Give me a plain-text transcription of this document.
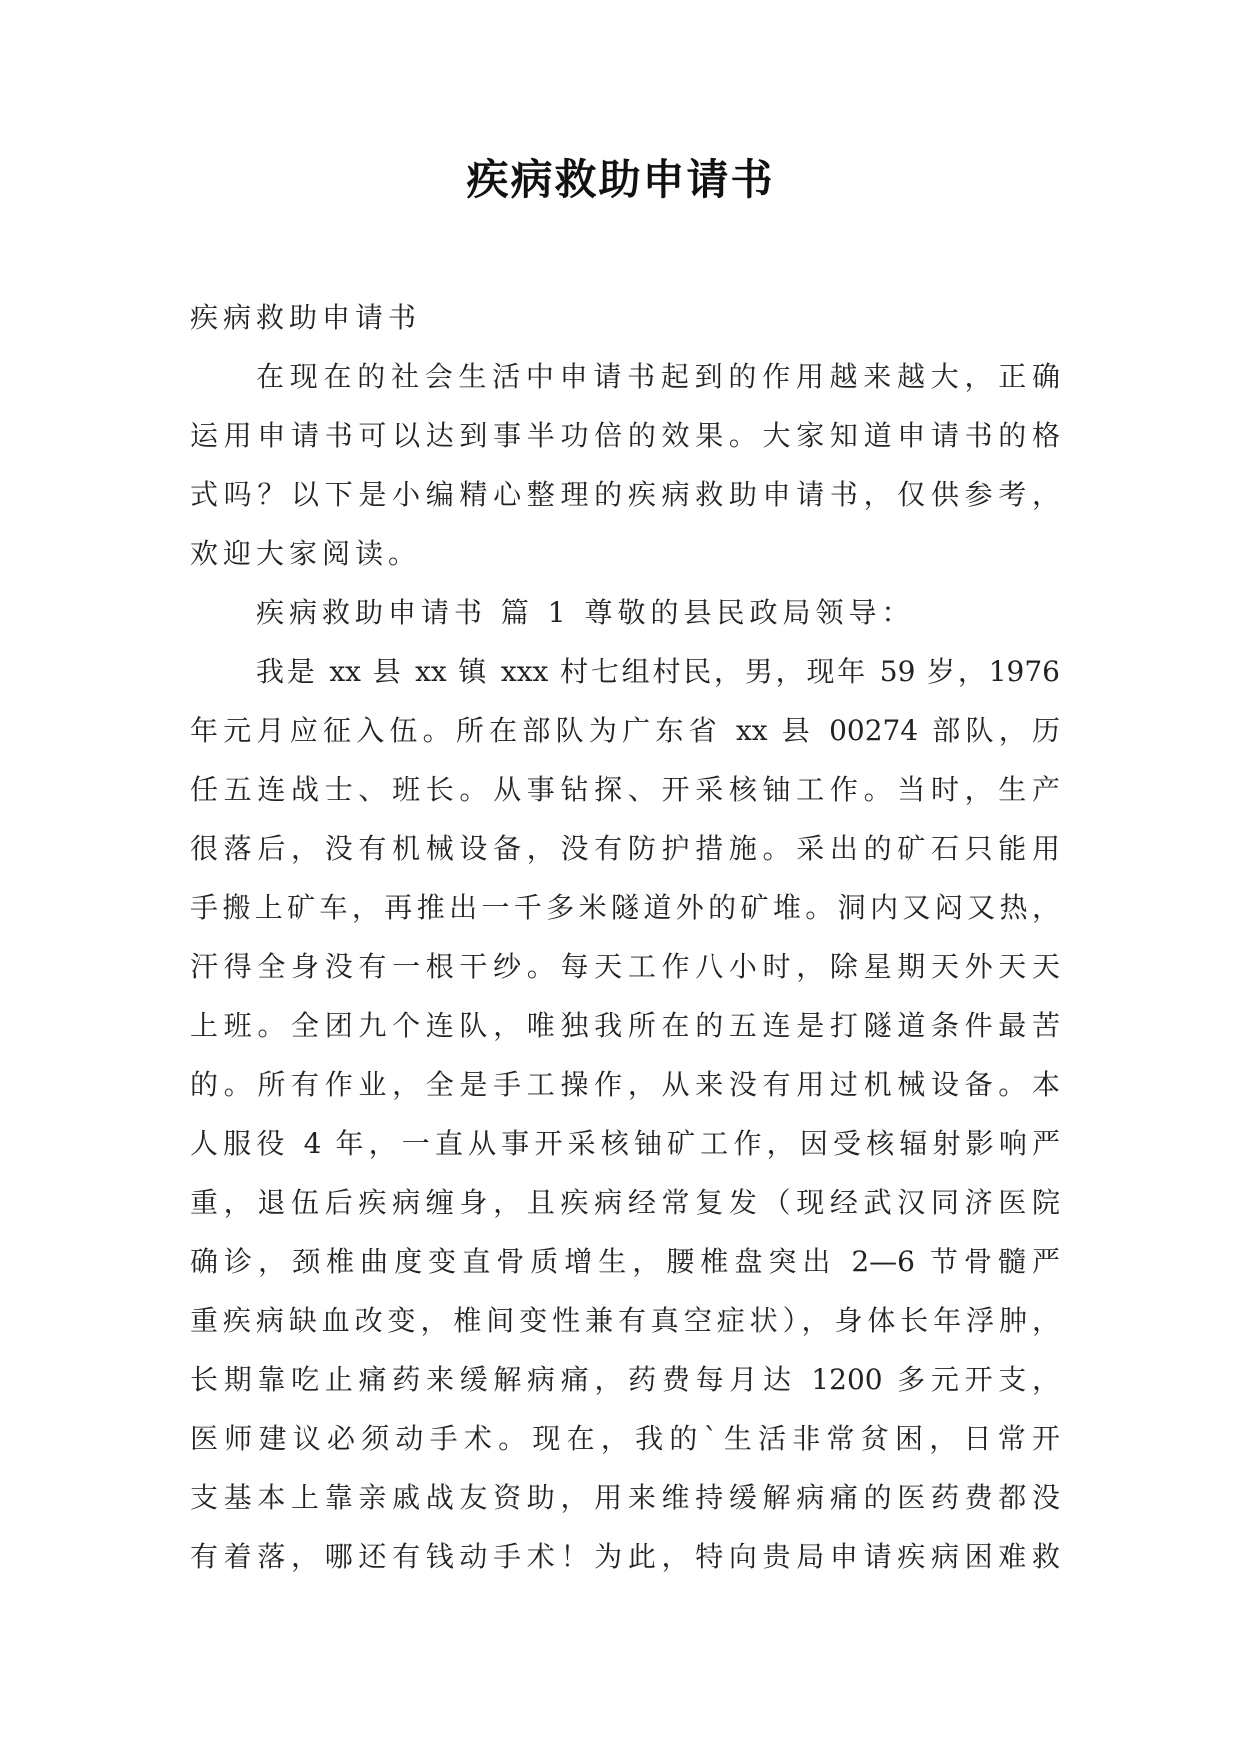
疾病救助申请书
疾病救助申请书
在现在的社会生活中申请书起到的作用越来越大，正确
运用申请书可以达到事半功倍的效果。大家知道申请书的格
式吗？以下是小编精心整理的疾病救助申请书，仅供参考，
欢迎大家阅读。
疾病救助申请书 篇 1 尊敬的县民政局领导：
我是 xx 县 xx 镇 xxx 村七组村民，男，现年 59 岁，1976
年元月应征入伍。所在部队为广东省 xx 县 00274 部队，历
任五连战士、班长。从事钻探、开采核铀工作。当时，生产
很落后，没有机械设备，没有防护措施。采出的矿石只能用
手搬上矿车，再推出一千多米隧道外的矿堆。洞内又闷又热，
汗得全身没有一根干纱。每天工作八小时，除星期天外天天
上班。全团九个连队，唯独我所在的五连是打隧道条件最苦
的。所有作业，全是手工操作，从来没有用过机械设备。本
人服役 4 年，一直从事开采核铀矿工作，因受核辐射影响严
重，退伍后疾病缠身，且疾病经常复发（现经武汉同济医院
确诊，颈椎曲度变直骨质增生，腰椎盘突出 2—6 节骨髓严
重疾病缺血改变，椎间变性兼有真空症状），身体长年浮肿，
长期靠吃止痛药来缓解病痛，药费每月达 1200 多元开支，
医师建议必须动手术。现在，我的`生活非常贫困，日常开
支基本上靠亲戚战友资助，用来维持缓解病痛的医药费都没
有着落，哪还有钱动手术！为此，特向贵局申请疾病困难救
